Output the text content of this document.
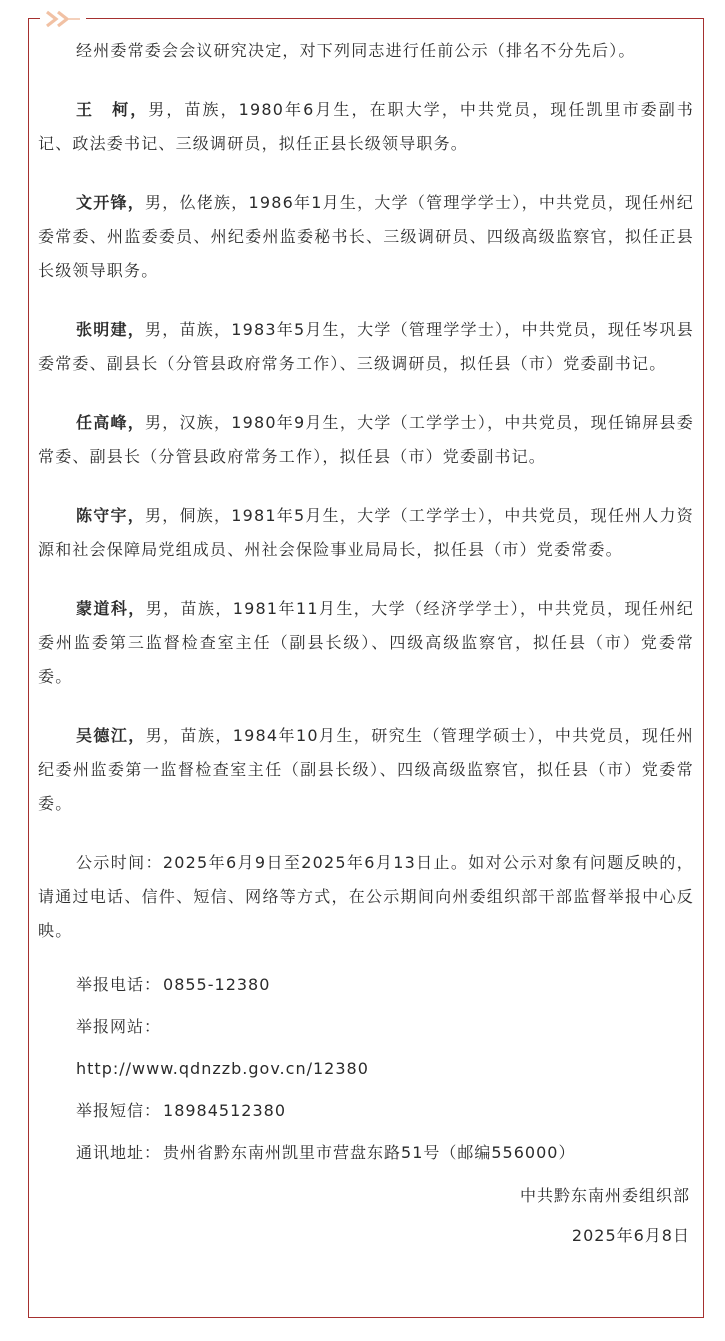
经州委常委会会议研究决定，对下列同志进行任前公示（排名不分先后）。

王　柯，男，苗族，1980年6月生，在职大学，中共党员，现任凯里市委副书记、政法委书记、三级调研员，拟任正县长级领导职务。

文开锋，男，仫佬族，1986年1月生，大学（管理学学士），中共党员，现任州纪委常委、州监委委员、州纪委州监委秘书长、三级调研员、四级高级监察官，拟任正县长级领导职务。

张明建，男，苗族，1983年5月生，大学（管理学学士），中共党员，现任岑巩县委常委、副县长（分管县政府常务工作）、三级调研员，拟任县（市）党委副书记。

任高峰，男，汉族，1980年9月生，大学（工学学士），中共党员，现任锦屏县委常委、副县长（分管县政府常务工作），拟任县（市）党委副书记。

陈守宇，男，侗族，1981年5月生，大学（工学学士），中共党员，现任州人力资源和社会保障局党组成员、州社会保险事业局局长，拟任县（市）党委常委。

蒙道科，男，苗族，1981年11月生，大学（经济学学士），中共党员，现任州纪委州监委第三监督检查室主任（副县长级）、四级高级监察官，拟任县（市）党委常委。

吴德江，男，苗族，1984年10月生，研究生（管理学硕士），中共党员，现任州纪委州监委第一监督检查室主任（副县长级）、四级高级监察官，拟任县（市）党委常委。

公示时间：2025年6月9日至2025年6月13日止。如对公示对象有问题反映的，请通过电话、信件、短信、网络等方式，在公示期间向州委组织部干部监督举报中心反映。

举报电话： 0855-12380

举报网站：

http://www.qdnzzb.gov.cn/12380

举报短信： 18984512380

通讯地址： 贵州省黔东南州凯里市营盘东路51号（邮编556000）

中共黔东南州委组织部

2025年6月8日
